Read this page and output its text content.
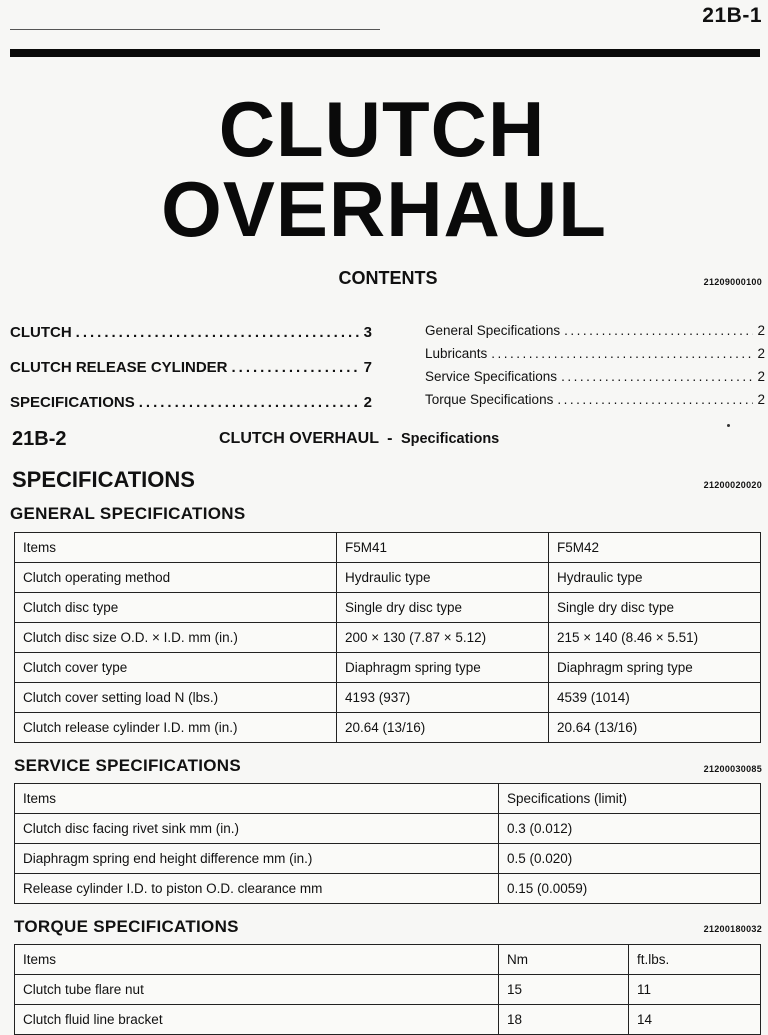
21B-1
CLUTCH
OVERHAUL
CONTENTS	21209000100
CLUTCH .....	3
CLUTCH RELEASE CYLINDER .....	7
SPECIFICATIONS .....	2
General Specifications .....	2
Lubricants .....	2
Service Specifications .....	2
Torque Specifications .....	2
21B-2	CLUTCH OVERHAUL - Specifications
SPECIFICATIONS	21200020020
GENERAL SPECIFICATIONS
Items	F5M41	F5M42
Clutch operating method	Hydraulic type	Hydraulic type
Clutch disc type	Single dry disc type	Single dry disc type
Clutch disc size O.D. × I.D. mm (in.)	200 × 130 (7.87 × 5.12)	215 × 140 (8.46 × 5.51)
Clutch cover type	Diaphragm spring type	Diaphragm spring type
Clutch cover setting load N (lbs.)	4193 (937)	4539 (1014)
Clutch release cylinder I.D. mm (in.)	20.64 (13/16)	20.64 (13/16)
SERVICE SPECIFICATIONS	21200030085
Items	Specifications (limit)
Clutch disc facing rivet sink mm (in.)	0.3 (0.012)
Diaphragm spring end height difference mm (in.)	0.5 (0.020)
Release cylinder I.D. to piston O.D. clearance mm	0.15 (0.0059)
TORQUE SPECIFICATIONS	21200180032
Items	Nm	ft.lbs.
Clutch tube flare nut	15	11
Clutch fluid line bracket	18	14
